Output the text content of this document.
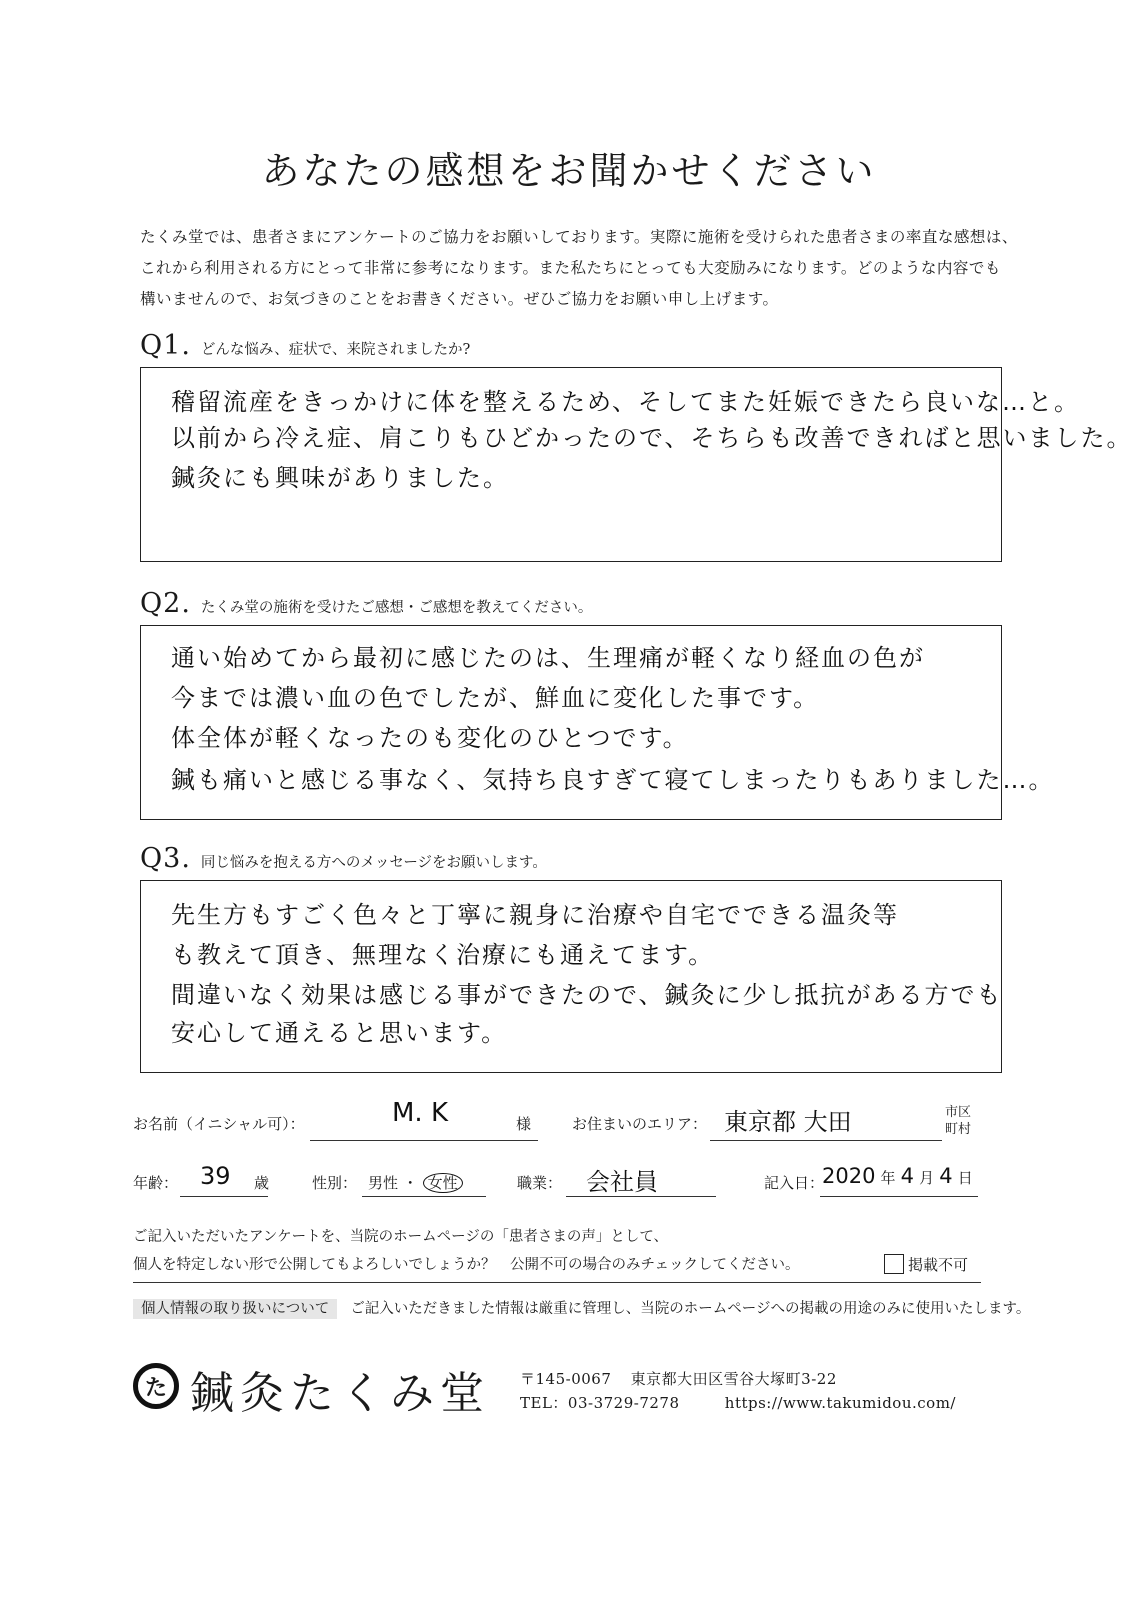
あなたの感想をお聞かせください
たくみ堂では、患者さまにアンケートのご協力をお願いしております。実際に施術を受けられた患者さまの率直な感想は、
これから利用される方にとって非常に参考になります。また私たちにとっても大変励みになります。どのような内容でも
構いませんので、お気づきのことをお書きください。ぜひご協力をお願い申し上げます。
Q1. どんな悩み、症状で、来院されましたか?
稽留流産をきっかけに体を整えるため、そしてまた妊娠できたら良いな…と。
以前から冷え症、肩こりもひどかったので、そちらも改善できればと思いました。
鍼灸にも興味がありました。
Q2. たくみ堂の施術を受けたご感想・ご感想を教えてください。
通い始めてから最初に感じたのは、生理痛が軽くなり経血の色が
今までは濃い血の色でしたが、鮮血に変化した事です。
体全体が軽くなったのも変化のひとつです。
鍼も痛いと感じる事なく、気持ち良すぎて寝てしまったりもありました…。
Q3. 同じ悩みを抱える方へのメッセージをお願いします。
先生方もすごく色々と丁寧に親身に治療や自宅でできる温灸等
も教えて頂き、無理なく治療にも通えてます。
間違いなく効果は感じる事ができたので、鍼灸に少し抵抗がある方でも
安心して通えると思います。
お名前（イニシャル可）：	M. K	様	お住まいのエリア： 東京都 大田	市区
町村
年齢： 39 歳	性別： 男性 ・ 女性	職業： 会社員	記入日：
2020 年 4 月 4 日
ご記入いただいたアンケートを、当院のホームページの「患者さまの声」として、
個人を特定しない形で公開してもよろしいでしょうか？　公開不可の場合のみチェックしてください。	掲載不可
個人情報の取り扱いについて ご記入いただきました情報は厳重に管理し、当院のホームページへの掲載の用途のみに使用いたします。
た 鍼灸たくみ堂 〒145-0067 東京都大田区雪谷大塚町3-22
TEL：03-3729-7278	https://www.takumidou.com/
